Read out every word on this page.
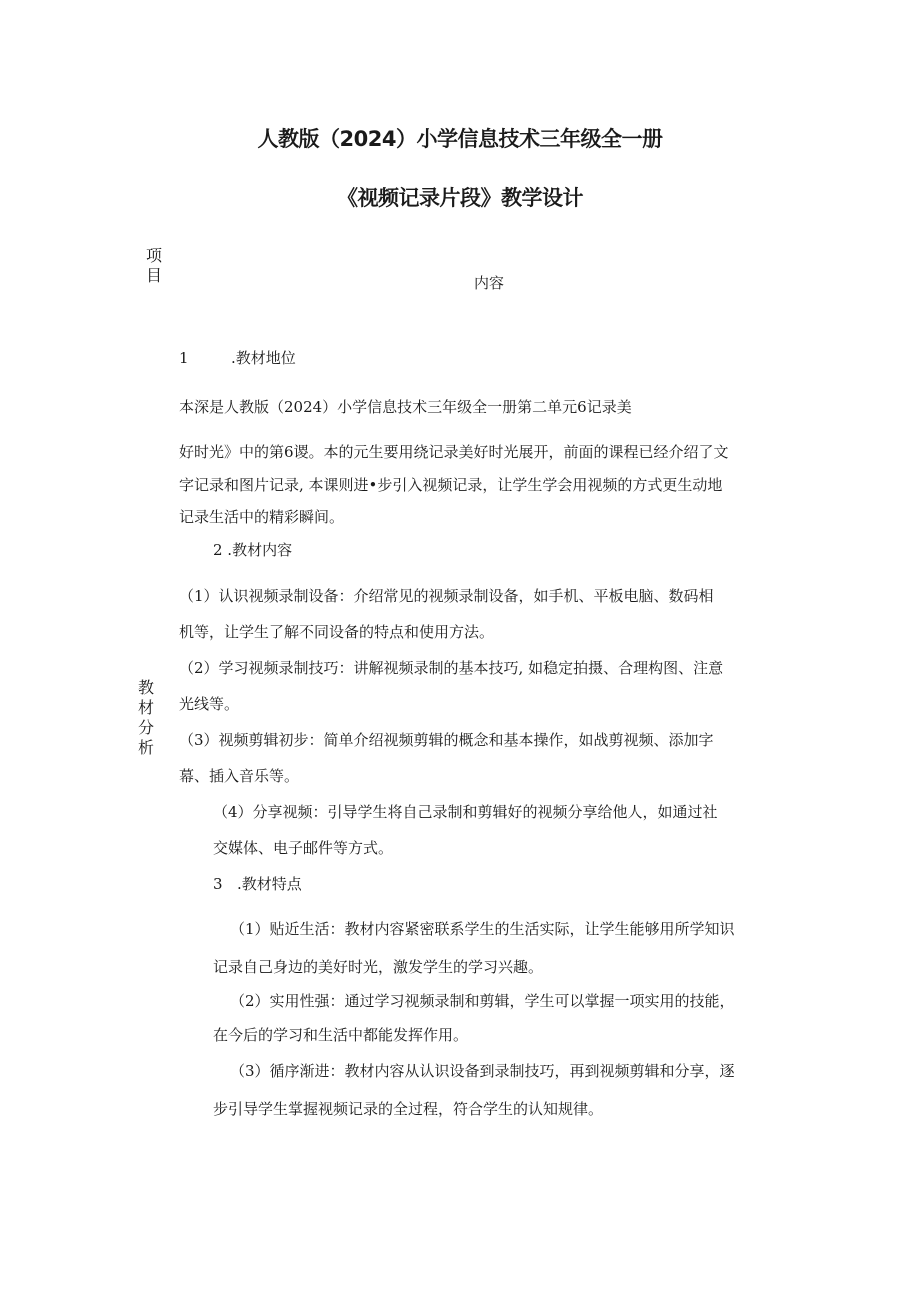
人教版（2024）小学信息技术三年级全一册
《视频记录片段》教学设计
项
目	内容
教
材
分
析
1	.教材地位
本深是人教版（2024）小学信息技术三年级全一册第二单元6记录美
好时光》中的第6谡。本的元生要用绕记录美好时光展开，前面的课程已经介绍了文
字记录和图片记录, 本课则进•步引入视频记录，让学生学会用视频的方式更生动地
记录生活中的精彩瞬间。
2 .教材内容
（1）认识视频录制设备：介绍常见的视频录制设备，如手机、平板电脑、数码相
机等，让学生了解不同设备的特点和使用方法。
（2）学习视频录制技巧：讲解视频录制的基本技巧, 如稳定拍摄、合理构图、注意
光线等。
（3）视频剪辑初步：简单介绍视频剪辑的概念和基本操作，如战剪视频、添加字
幕、插入音乐等。
（4）分享视频：引导学生将自己录制和剪辑好的视频分享给他人，如通过社
交媒体、电子邮件等方式。
3 .教材特点
（1）贴近生活：教材内容紧密联系学生的生活实际，让学生能够用所学知识
记录自己身边的美好时光，激发学生的学习兴趣。
（2）实用性强：通过学习视频录制和剪辑，学生可以掌握一项实用的技能，
在今后的学习和生活中都能发挥作用。
（3）循序渐进：教材内容从认识设备到录制技巧，再到视频剪辑和分享，逐
步引导学生掌握视频记录的全过程，符合学生的认知规律。
